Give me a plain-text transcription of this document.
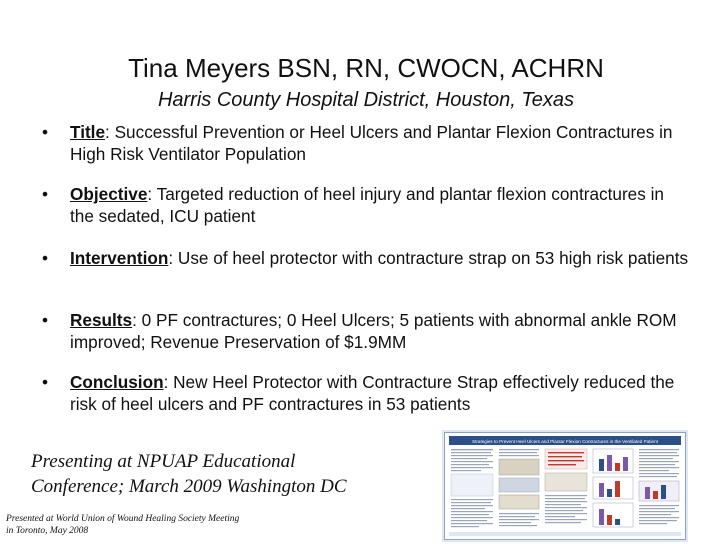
Tina Meyers BSN, RN, CWOCN, ACHRN
Harris County Hospital District, Houston, Texas
•	Title: Successful Prevention or Heel Ulcers and Plantar Flexion Contractures in High Risk Ventilator Population
•	Objective: Targeted reduction of heel injury and plantar flexion contractures in the sedated, ICU patient
•	Intervention: Use of heel protector with contracture strap on 53 high risk patients
•	Results: 0 PF contractures; 0 Heel Ulcers; 5 patients with abnormal ankle ROM improved; Revenue Preservation of $1.9MM
•	Conclusion: New Heel Protector with Contracture Strap effectively reduced the risk of heel ulcers and PF contractures in 53 patients
Presenting at NPUAP Educational Conference; March 2009 Washington DC
Presented at World Union of Wound Healing Society Meeting in Toronto, May 2008
Strategies to Prevent Heel Ulcers and Plantar Flexion Contractures in the Ventilated Patient
